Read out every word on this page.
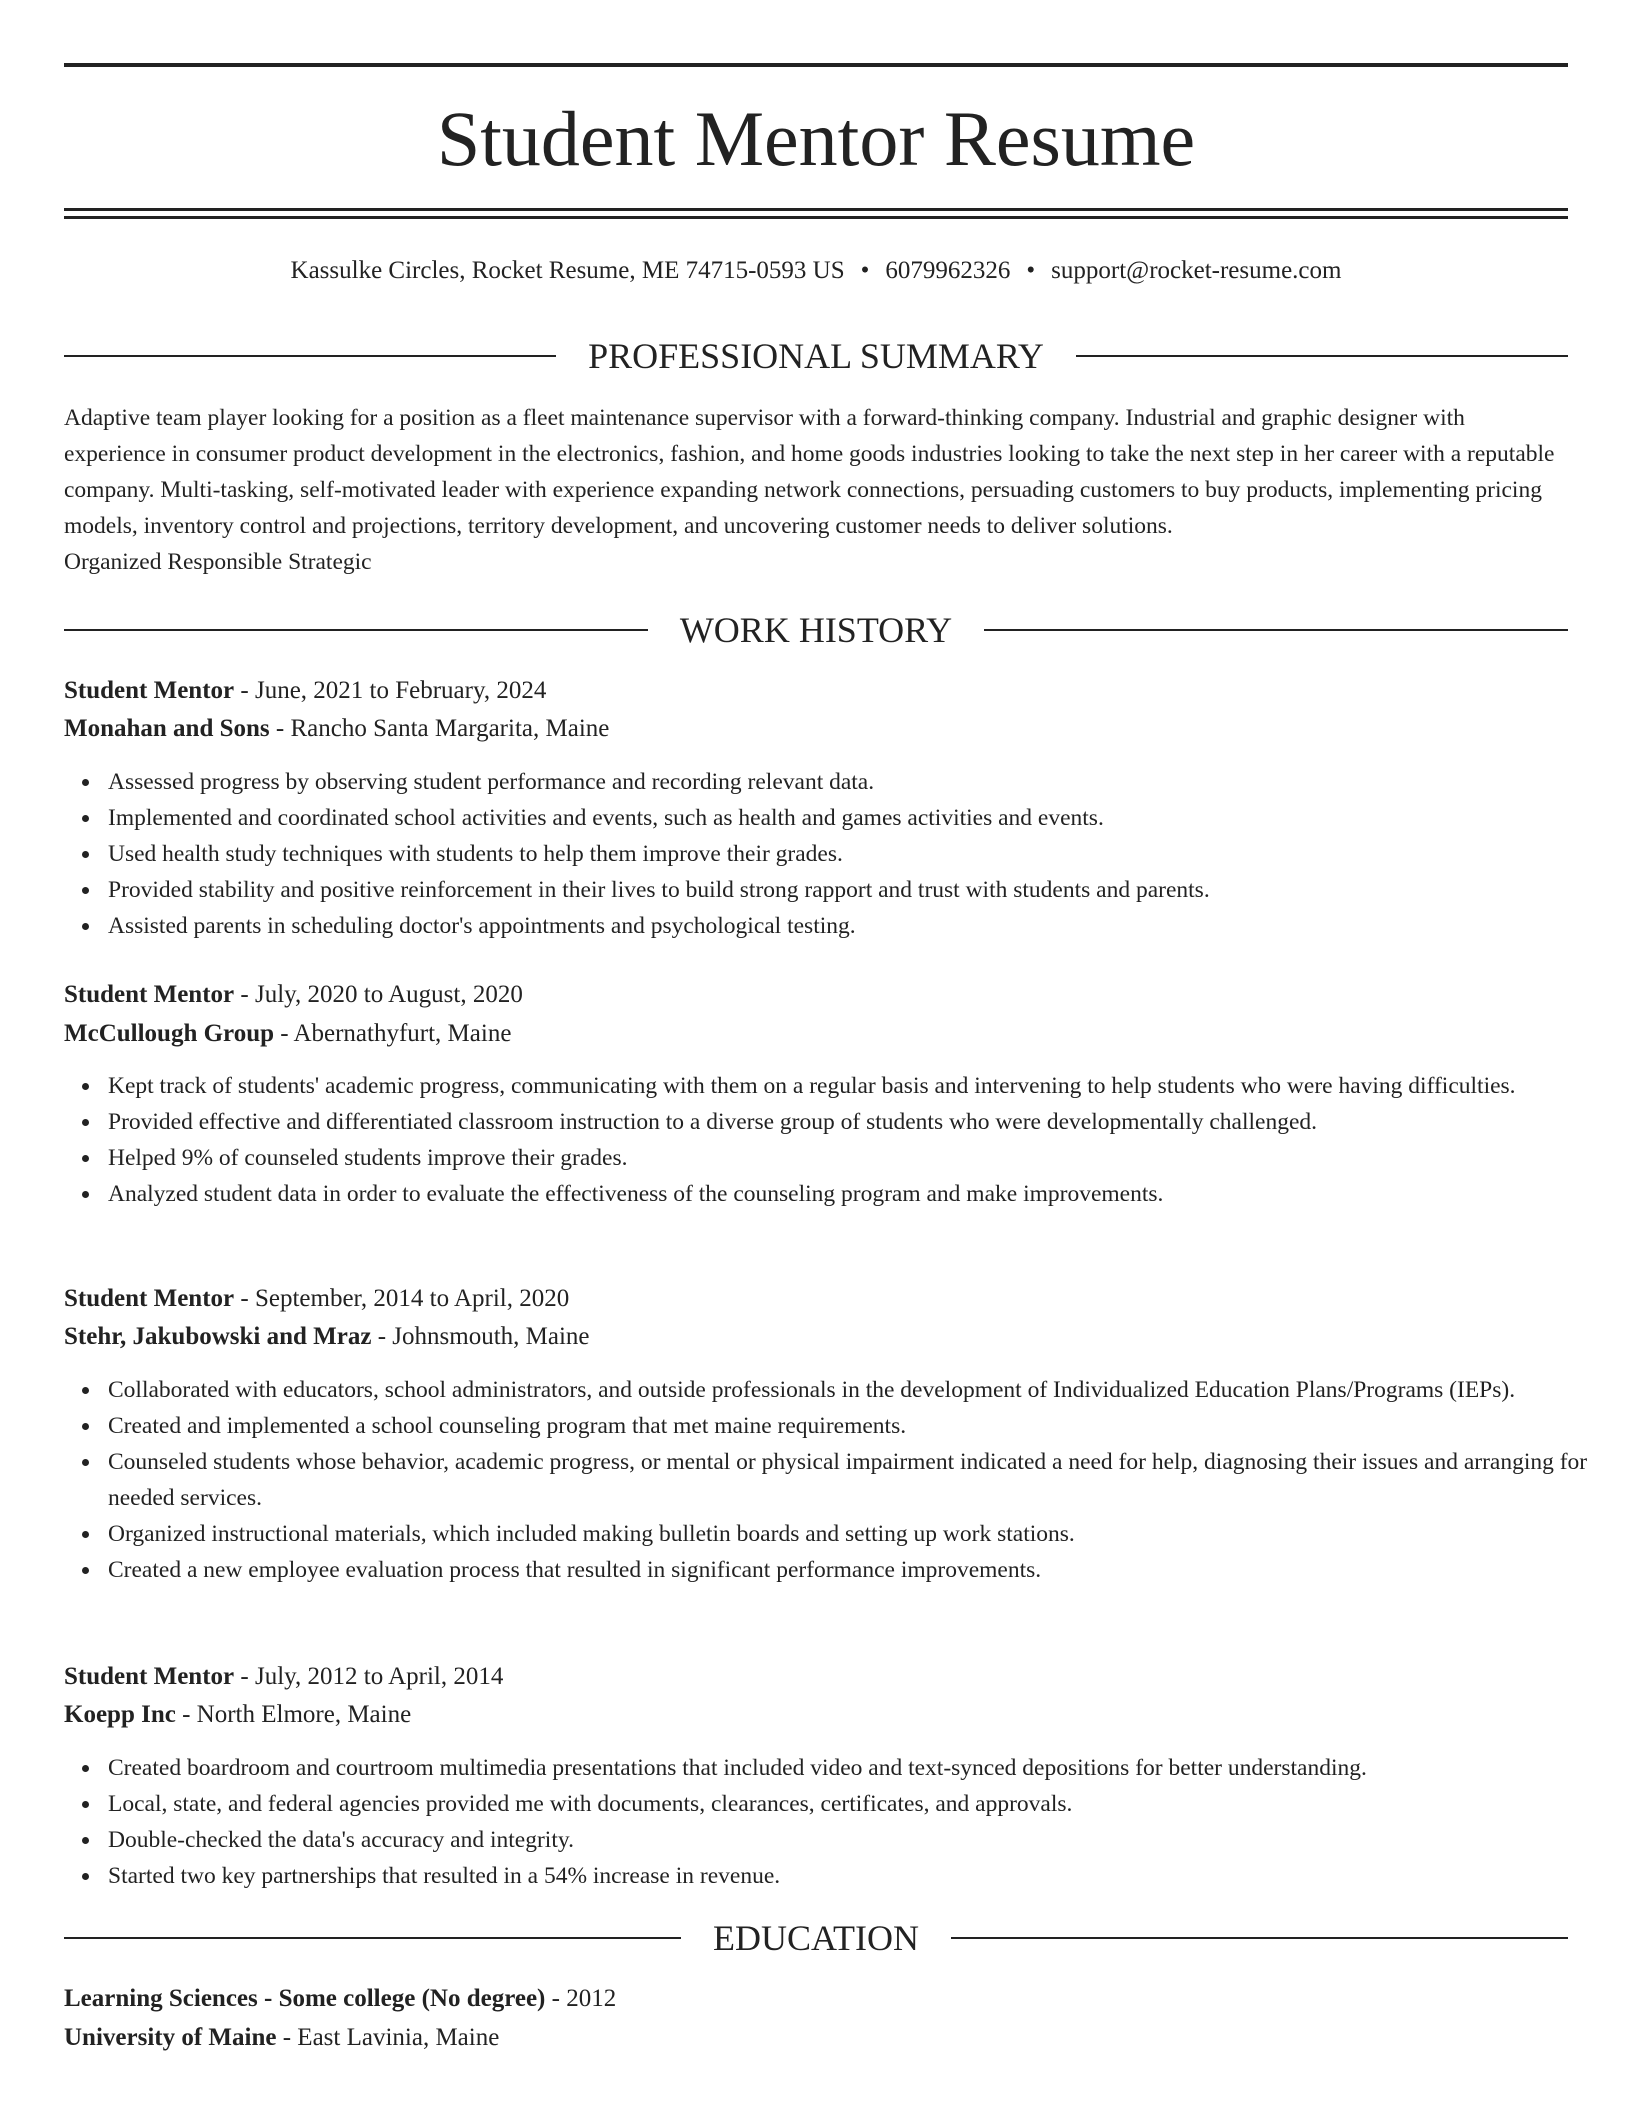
Student Mentor Resume
Kassulke Circles, Rocket Resume, ME 74715-0593 US • 6079962326 • support@rocket-resume.com
PROFESSIONAL SUMMARY

Adaptive team player looking for a position as a fleet maintenance supervisor with a forward-thinking company. Industrial and graphic designer with experience in consumer product development in the electronics, fashion, and home goods industries looking to take the next step in her career with a reputable company. Multi-tasking, self-motivated leader with experience expanding network connections, persuading customers to buy products, implementing pricing models, inventory control and projections, territory development, and uncovering customer needs to deliver solutions.

Organized Responsible Strategic

WORK HISTORY
Student Mentor - June, 2021 to February, 2024
Monahan and Sons - Rancho Santa Margarita, Maine
Assessed progress by observing student performance and recording relevant data.
Implemented and coordinated school activities and events, such as health and games activities and events.
Used health study techniques with students to help them improve their grades.
Provided stability and positive reinforcement in their lives to build strong rapport and trust with students and parents.
Assisted parents in scheduling doctor's appointments and psychological testing.
Student Mentor - July, 2020 to August, 2020
McCullough Group - Abernathyfurt, Maine
Kept track of students' academic progress, communicating with them on a regular basis and intervening to help students who were having difficulties.
Provided effective and differentiated classroom instruction to a diverse group of students who were developmentally challenged.
Helped 9% of counseled students improve their grades.
Analyzed student data in order to evaluate the effectiveness of the counseling program and make improvements.
Student Mentor - September, 2014 to April, 2020
Stehr, Jakubowski and Mraz - Johnsmouth, Maine
Collaborated with educators, school administrators, and outside professionals in the development of Individualized Education Plans/Programs (IEPs).
Created and implemented a school counseling program that met maine requirements.
Counseled students whose behavior, academic progress, or mental or physical impairment indicated a need for help, diagnosing their issues and arranging for needed services.
Organized instructional materials, which included making bulletin boards and setting up work stations.
Created a new employee evaluation process that resulted in significant performance improvements.
Student Mentor - July, 2012 to April, 2014
Koepp Inc - North Elmore, Maine
Created boardroom and courtroom multimedia presentations that included video and text-synced depositions for better understanding.
Local, state, and federal agencies provided me with documents, clearances, certificates, and approvals.
Double-checked the data's accuracy and integrity.
Started two key partnerships that resulted in a 54% increase in revenue.
EDUCATION
Learning Sciences - Some college (No degree) - 2012
University of Maine - East Lavinia, Maine
